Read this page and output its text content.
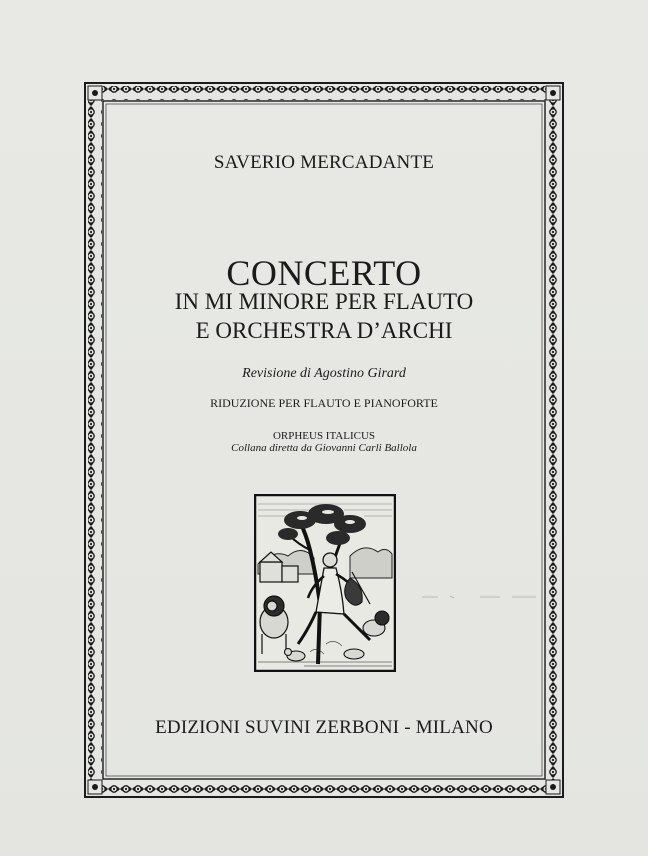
SAVERIO MERCADANTE
CONCERTO
IN MI MINORE PER FLAUTO
E ORCHESTRA D’ARCHI
Revisione di Agostino Girard
RIDUZIONE PER FLAUTO E PIANOFORTE
ORPHEUS ITALICUS
Collana diretta da Giovanni Carli Ballola
EDIZIONI SUVINI ZERBONI - MILANO
